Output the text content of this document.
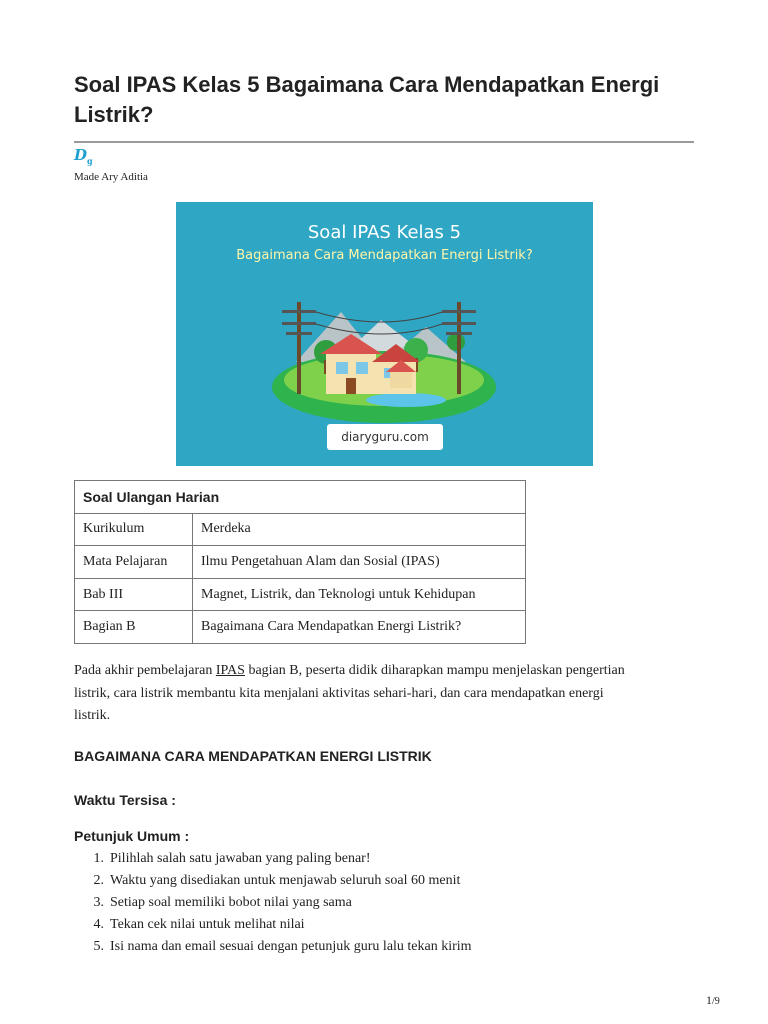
Soal IPAS Kelas 5 Bagaimana Cara Mendapatkan Energi Listrik?
$D_g$
Made Ary Aditia
Soal IPAS Kelas 5
Bagaimana Cara Mendapatkan Energi Listrik?
diaryguru.com
Soal Ulangan Harian	
Kurikulum	Merdeka
Mata Pelajaran	Ilmu Pengetahuan Alam dan Sosial (IPAS)
Bab III	Magnet, Listrik, dan Teknologi untuk Kehidupan
Bagian B	Bagaimana Cara Mendapatkan Energi Listrik?

Pada akhir pembelajaran IPAS bagian B, peserta didik diharapkan mampu menjelaskan pengertian listrik, cara listrik membantu kita menjalani aktivitas sehari-hari, dan cara mendapatkan energi listrik.

BAGAIMANA CARA MENDAPATKAN ENERGI LISTRIK
Waktu Tersisa :
Petunjuk Umum :
1. Pilihlah salah satu jawaban yang paling benar!
2. Waktu yang disediakan untuk menjawab seluruh soal 60 menit
3. Setiap soal memiliki bobot nilai yang sama
4. Tekan cek nilai untuk melihat nilai
5. Isi nama dan email sesuai dengan petunjuk guru lalu tekan kirim
1/9
